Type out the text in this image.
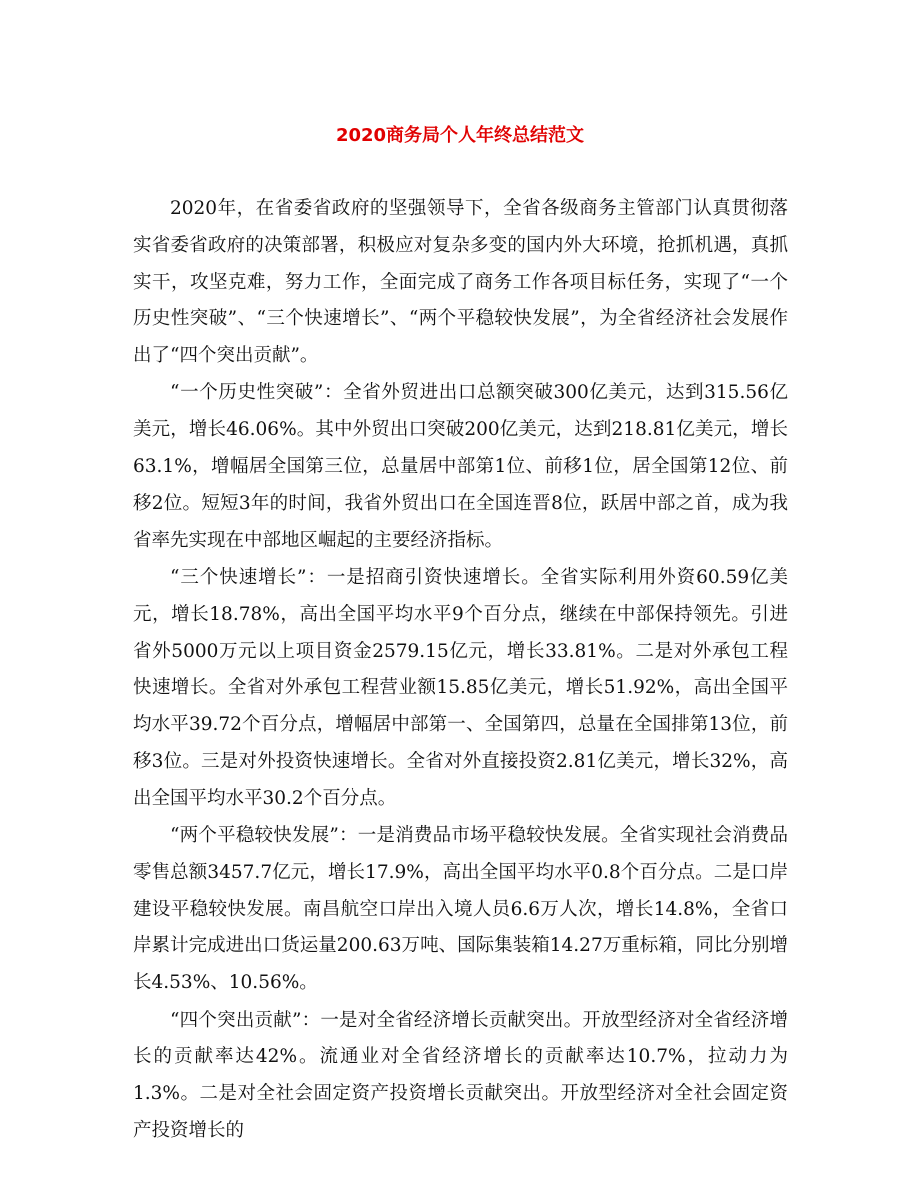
2020商务局个人年终总结范文

2020年，在省委省政府的坚强领导下，全省各级商务主管部门认真贯彻落实省委省政府的决策部署，积极应对复杂多变的国内外大环境，抢抓机遇，真抓实干，攻坚克难，努力工作，全面完成了商务工作各项目标任务，实现了“一个历史性突破”、“三个快速增长”、“两个平稳较快发展”，为全省经济社会发展作出了“四个突出贡献”。

“一个历史性突破”：全省外贸进出口总额突破300亿美元，达到315.56亿美元，增长46.06%。其中外贸出口突破200亿美元，达到218.81亿美元，增长63.1%，增幅居全国第三位，总量居中部第1位、前移1位，居全国第12位、前移2位。短短3年的时间，我省外贸出口在全国连晋8位，跃居中部之首，成为我省率先实现在中部地区崛起的主要经济指标。

“三个快速增长”：一是招商引资快速增长。全省实际利用外资60.59亿美元，增长18.78%，高出全国平均水平9个百分点，继续在中部保持领先。引进省外5000万元以上项目资金2579.15亿元，增长33.81%。二是对外承包工程快速增长。全省对外承包工程营业额15.85亿美元，增长51.92%，高出全国平均水平39.72个百分点，增幅居中部第一、全国第四，总量在全国排第13位，前移3位。三是对外投资快速增长。全省对外直接投资2.81亿美元，增长32%，高出全国平均水平30.2个百分点。

“两个平稳较快发展”：一是消费品市场平稳较快发展。全省实现社会消费品零售总额3457.7亿元，增长17.9%，高出全国平均水平0.8个百分点。二是口岸建设平稳较快发展。南昌航空口岸出入境人员6.6万人次，增长14.8%，全省口岸累计完成进出口货运量200.63万吨、国际集装箱14.27万重标箱，同比分别增长4.53%、10.56%。

“四个突出贡献”：一是对全省经济增长贡献突出。开放型经济对全省经济增长的贡献率达42%。流通业对全省经济增长的贡献率达10.7%，拉动力为1.3%。二是对全社会固定资产投资增长贡献突出。开放型经济对全社会固定资产投资增长的
